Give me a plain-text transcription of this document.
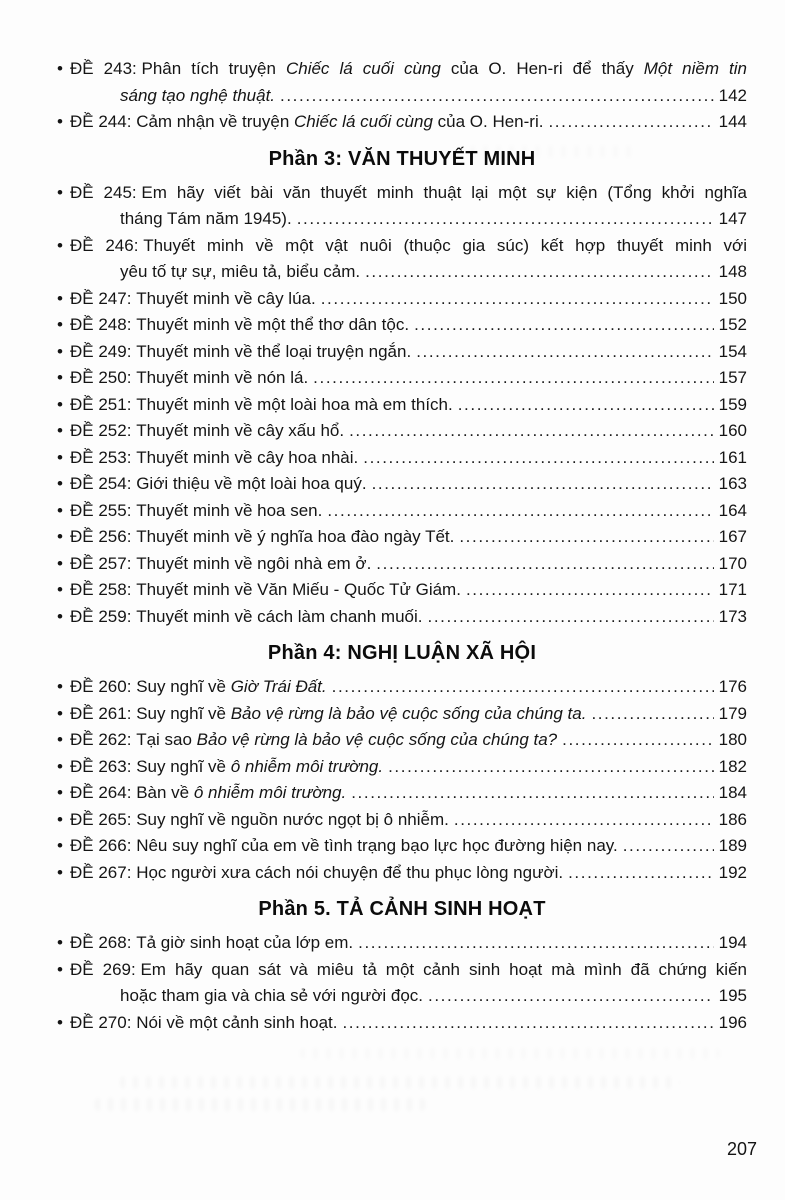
• ĐỀ 243: Phân tích truyện Chiếc lá cuối cùng của O. Hen-ri để thấy Một niềm tin
sáng tạo nghệ thuật. .....	142
• ĐỀ 244: Cảm nhận về truyện Chiếc lá cuối cùng của O. Hen-ri. .....	144
Phần 3: VĂN THUYẾT MINH
• ĐỀ 245: Em hãy viết bài văn thuyết minh thuật lại một sự kiện (Tổng khởi nghĩa
tháng Tám năm 1945). .....	147
• ĐỀ 246: Thuyết minh về một vật nuôi (thuộc gia súc) kết hợp thuyết minh với
yêu tố tự sự, miêu tả, biểu cảm. .....	148
• ĐỀ 247: Thuyết minh về cây lúa. .....	150
• ĐỀ 248: Thuyết minh về một thể thơ dân tộc. .....	152
• ĐỀ 249: Thuyết minh về thể loại truyện ngắn. .....	154
• ĐỀ 250: Thuyết minh về nón lá. .....	157
• ĐỀ 251: Thuyết minh về một loài hoa mà em thích. .....	159
• ĐỀ 252: Thuyết minh về cây xấu hổ. .....	160
• ĐỀ 253: Thuyết minh về cây hoa nhài. .....	161
• ĐỀ 254: Giới thiệu về một loài hoa quý. .....	163
• ĐỀ 255: Thuyết minh về hoa sen. .....	164
• ĐỀ 256: Thuyết minh về ý nghĩa hoa đào ngày Tết. .....	167
• ĐỀ 257: Thuyết minh về ngôi nhà em ở. .....	170
• ĐỀ 258: Thuyết minh về Văn Miếu - Quốc Tử Giám. .....	171
• ĐỀ 259: Thuyết minh về cách làm chanh muối. .....	173
Phần 4: NGHỊ LUẬN XÃ HỘI
• ĐỀ 260: Suy nghĩ về Giờ Trái Đất. .....	176
• ĐỀ 261: Suy nghĩ về Bảo vệ rừng là bảo vệ cuộc sống của chúng ta. .....	179
• ĐỀ 262: Tại sao Bảo vệ rừng là bảo vệ cuộc sống của chúng ta? .....	180
• ĐỀ 263: Suy nghĩ về ô nhiễm môi trường. .....	182
• ĐỀ 264: Bàn về ô nhiễm môi trường. .....	184
• ĐỀ 265: Suy nghĩ về nguồn nước ngọt bị ô nhiễm. .....	186
• ĐỀ 266: Nêu suy nghĩ của em về tình trạng bạo lực học đường hiện nay. .....	189
• ĐỀ 267: Học người xưa cách nói chuyện để thu phục lòng người. .....	192
Phần 5. TẢ CẢNH SINH HOẠT
• ĐỀ 268: Tả giờ sinh hoạt của lớp em. .....	194
• ĐỀ 269: Em hãy quan sát và miêu tả một cảnh sinh hoạt mà mình đã chứng kiến
hoặc tham gia và chia sẻ với người đọc. .....	195
• ĐỀ 270: Nói về một cảnh sinh hoạt. .....	196
207
